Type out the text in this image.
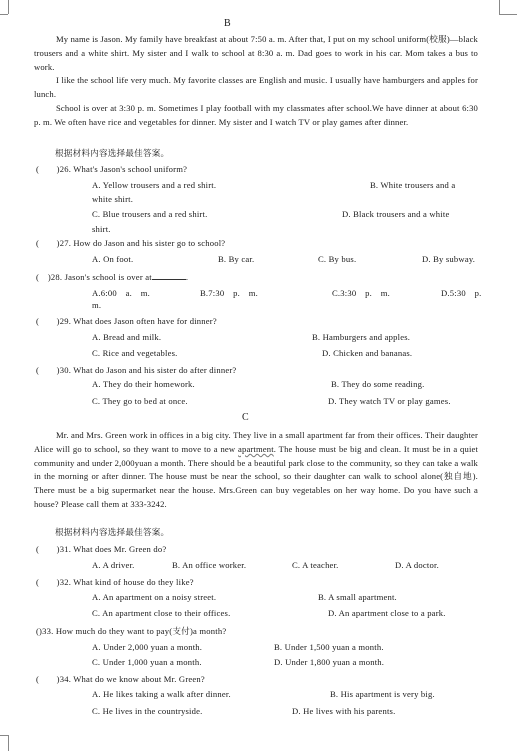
B
My name is Jason. My family have breakfast at about 7:50 a. m. After that, I put on my school uniform(校服)—black trousers and a white shirt. My sister and I walk to school at 8:30 a. m. Dad goes to work in his car. Mom takes a bus to work.
I like the school life very much. My favorite classes are English and music. I usually have hamburgers and apples for lunch.
School is over at 3:30 p. m. Sometimes I play football with my classmates after school.We have dinner at about 6:30 p. m. We often have rice and vegetables for dinner. My sister and I watch TV or play games after dinner.
根据材料内容选择最佳答案。
(　　)26. What's Jason's school uniform?
A. Yellow trousers and a red shirt.	B. White trousers and a
white shirt.
C. Blue trousers and a red shirt.	D. Black trousers and a white
shirt.
(　　)27. How do Jason and his sister go to school?
A. On foot.	B. By car.	C. By bus.	D. By subway.
(　)28. Jason's school is over at	.
A.6:00　a.　m.	B.7:30　p.　m.	C.3:30　p.　m.	D.5:30　p.
m.
(　　)29. What does Jason often have for dinner?
A. Bread and milk.	B. Hamburgers and apples.
C. Rice and vegetables.	D. Chicken and bananas.
(　　)30. What do Jason and his sister do after dinner?
A. They do their homework.	B. They do some reading.
C. They go to bed at once.	D. They watch TV or play games.
C
Mr. and Mrs. Green work in offices in a big city. They live in a small apartment far from their offices. Their daughter Alice will go to school, so they want to move to a new apartment. The house must be big and clean. It must be in a quiet community and under 2,000yuan a month. There should be a beautiful park close to the community, so they can take a walk in the morning or after dinner. The house must be near the school, so their daughter can walk to school alone(独自地). There must be a big supermarket near the house. Mrs.Green can buy vegetables on her way home. Do you have such a house? Please call them at 333-3242.
根据材料内容选择最佳答案。
(　　)31. What does Mr. Green do?
A. A driver.	B. An office worker.	C. A teacher.	D. A doctor.
(　　)32. What kind of house do they like?
A. An apartment on a noisy street.	B. A small apartment.
C. An apartment close to their offices.	D. An apartment close to a park.
()33. How much do they want to pay(支付)a month?
A. Under 2,000 yuan a month.	B. Under 1,500 yuan a month.
C. Under 1,000 yuan a month.	D. Under 1,800 yuan a month.
(　　)34. What do we know about Mr. Green?
A. He likes taking a walk after dinner.	B. His apartment is very big.
C. He lives in the countryside.	D. He lives with his parents.
